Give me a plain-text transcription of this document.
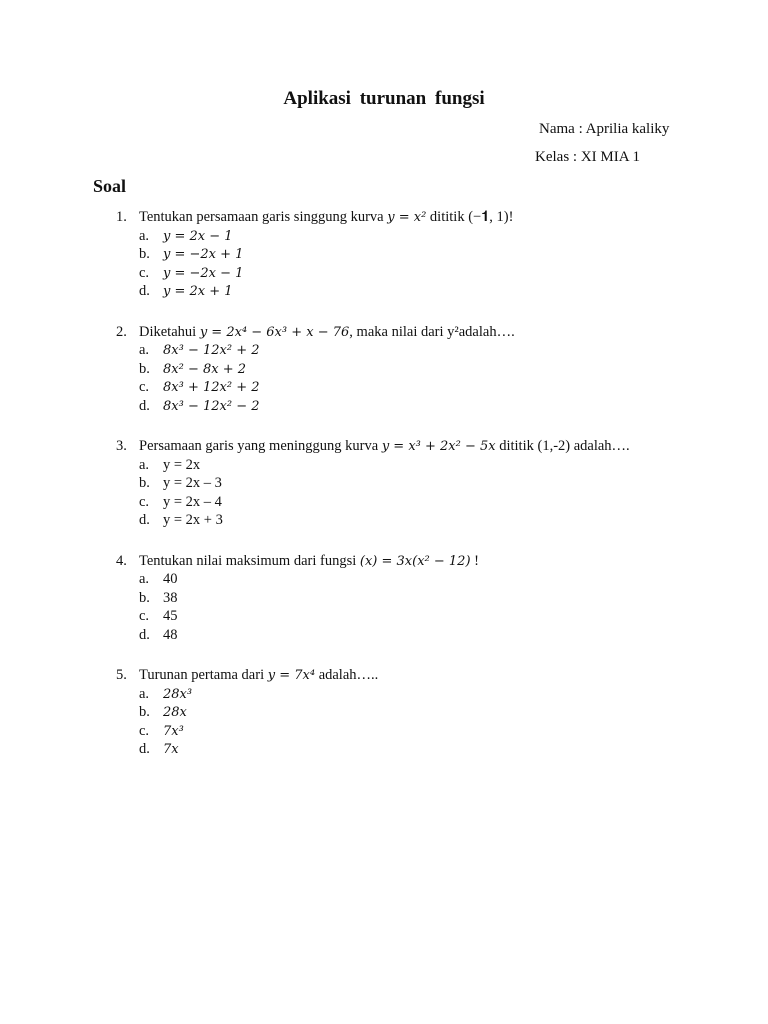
Aplikasi turunan fungsi
Nama : Aprilia kaliky
Kelas : XI MIA 1
Soal
1. Tentukan persamaan garis singgung kurva y = x² dititik (−𝟏, 1)!
a. y = 2x − 1
b. y = −2x + 1
c. y = −2x − 1
d. y = 2x + 1
2. Diketahui y = 2x⁴ − 6x³ + x − 76, maka nilai dari y²adalah….
a. 8x³ − 12x² + 2
b. 8x² − 8x + 2
c. 8x³ + 12x² + 2
d. 8x³ − 12x² − 2
3. Persamaan garis yang meninggung kurva y = x³ + 2x² − 5x dititik (1,-2) adalah….
a. y = 2x
b. y = 2x – 3
c. y = 2x – 4
d. y = 2x + 3
4. Tentukan nilai maksimum dari fungsi (x) = 3x(x² − 12) !
a. 40
b. 38
c. 45
d. 48
5. Turunan pertama dari y = 7x⁴ adalah…..
a. 28x³
b. 28x
c. 7x³
d. 7x
